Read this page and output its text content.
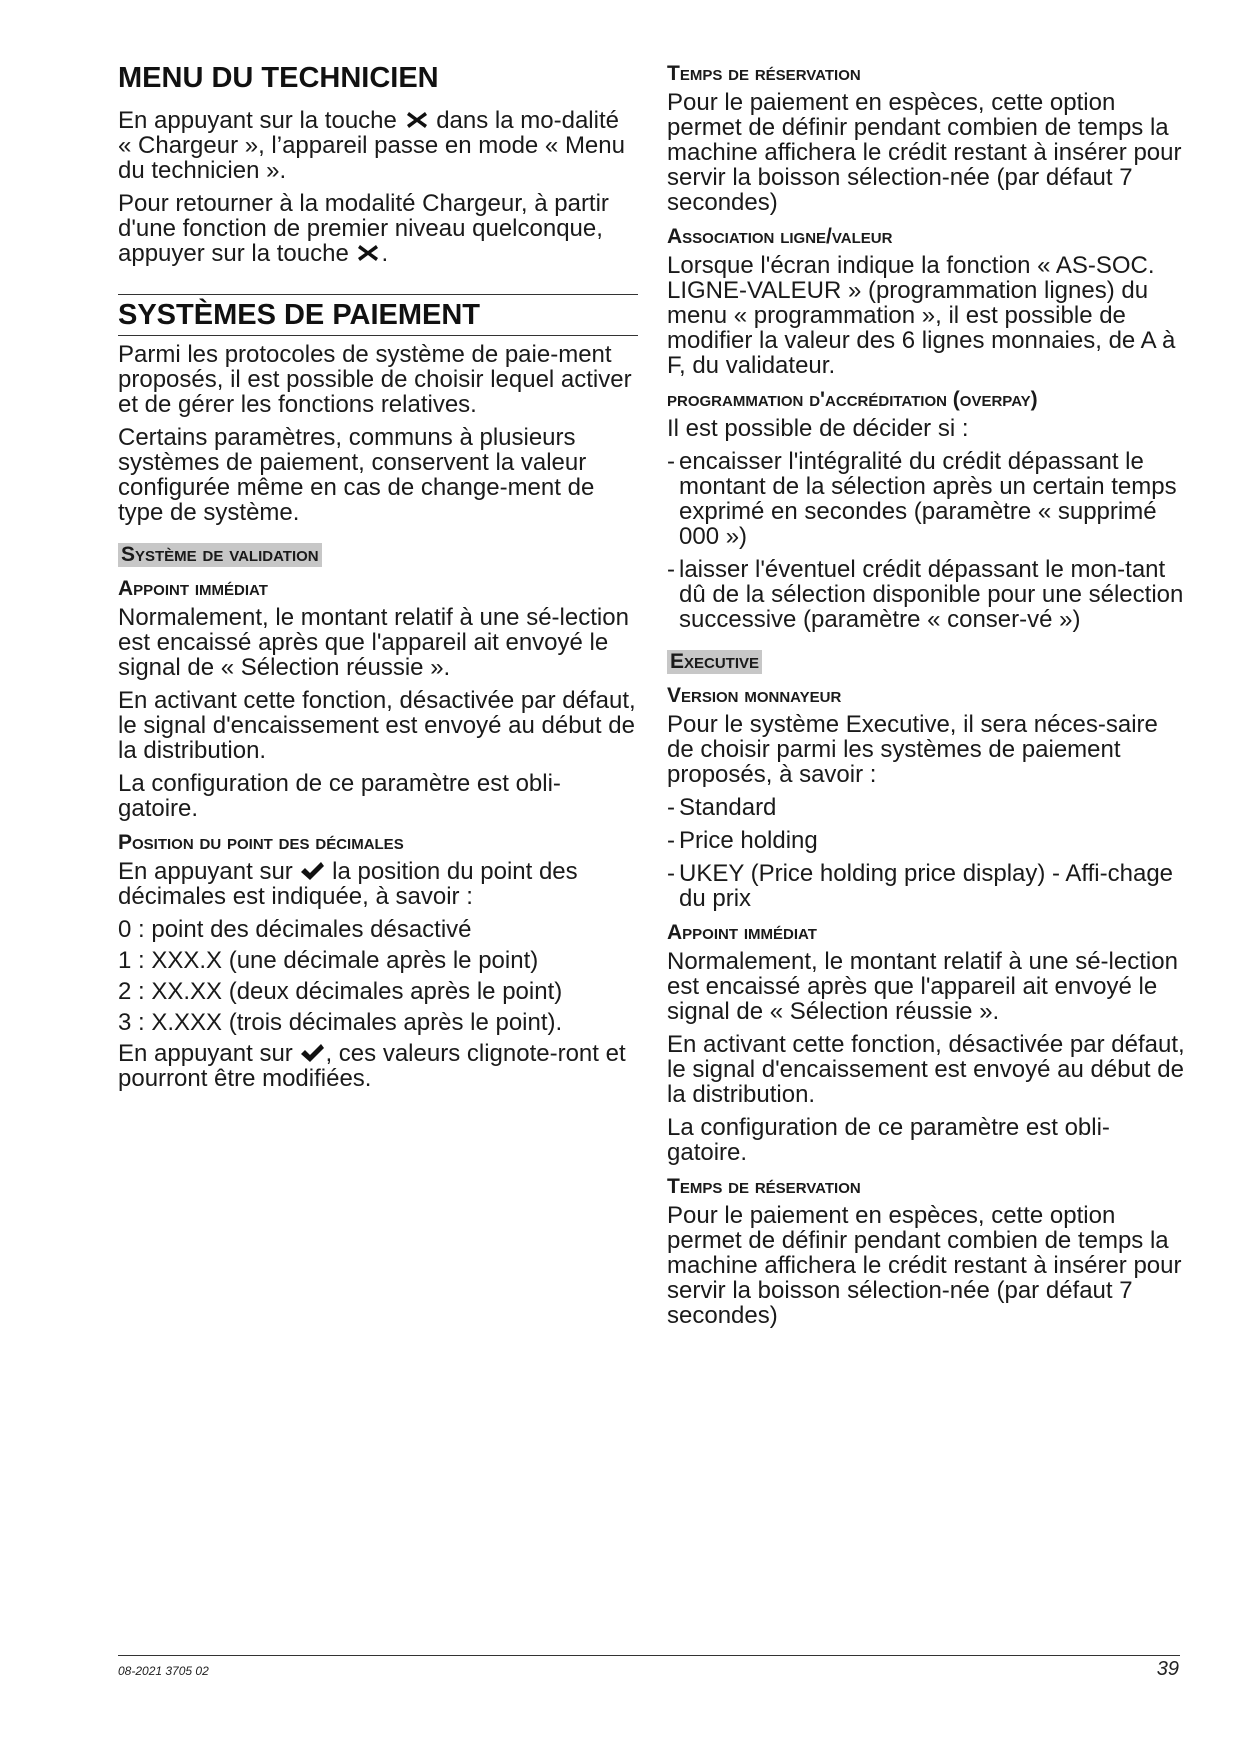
MENU DU TECHNICIEN

En appuyant sur la touche dans la mo-dalité « Chargeur », l’appareil passe en mode « Menu du technicien ».

Pour retourner à la modalité Chargeur, à partir d'une fonction de premier niveau quelconque, appuyer sur la touche .

SYSTÈMES DE PAIEMENT

Parmi les protocoles de système de paie-ment proposés, il est possible de choisir lequel activer et de gérer les fonctions relatives.

Certains paramètres, communs à plusieurs systèmes de paiement, conservent la valeur configurée même en cas de change-ment de type de système.

Système de validation
Appoint immédiat

Normalement, le montant relatif à une sé-lection est encaissé après que l'appareil ait envoyé le signal de « Sélection réussie ».

En activant cette fonction, désactivée par défaut, le signal d'encaissement est envoyé au début de la distribution.

La configuration de ce paramètre est obli-gatoire.

Position du point des décimales

En appuyant sur la position du point des décimales est indiquée, à savoir :

0 : point des décimales désactivé

1 : XXX.X (une décimale après le point)

2 : XX.XX (deux décimales après le point)

3 : X.XXX (trois décimales après le point).

En appuyant sur , ces valeurs clignote-ront et pourront être modifiées.

Temps de réservation

Pour le paiement en espèces, cette option permet de définir pendant combien de temps la machine affichera le crédit restant à insérer pour servir la boisson sélection-née (par défaut 7 secondes)

Association ligne/valeur

Lorsque l'écran indique la fonction « AS-SOC. LIGNE-VALEUR » (programmation lignes) du menu « programmation », il est possible de modifier la valeur des 6 lignes monnaies, de A à F, du validateur.

programmation d'accréditation (overpay)

Il est possible de décider si :

- encaisser l'intégralité du crédit dépassant le montant de la sélection après un certain temps exprimé en secondes (paramètre « supprimé 000 »)
- laisser l'éventuel crédit dépassant le mon-tant dû de la sélection disponible pour une sélection successive (paramètre « conser-vé »)
Executive
Version monnayeur

Pour le système Executive, il sera néces-saire de choisir parmi les systèmes de paiement proposés, à savoir :

- Standard
- Price holding
- UKEY (Price holding price display) - Affi-chage du prix
Appoint immédiat

Normalement, le montant relatif à une sé-lection est encaissé après que l'appareil ait envoyé le signal de « Sélection réussie ».

En activant cette fonction, désactivée par défaut, le signal d'encaissement est envoyé au début de la distribution.

La configuration de ce paramètre est obli-gatoire.

Temps de réservation

Pour le paiement en espèces, cette option permet de définir pendant combien de temps la machine affichera le crédit restant à insérer pour servir la boisson sélection-née (par défaut 7 secondes)

08-2021 3705 02	39
